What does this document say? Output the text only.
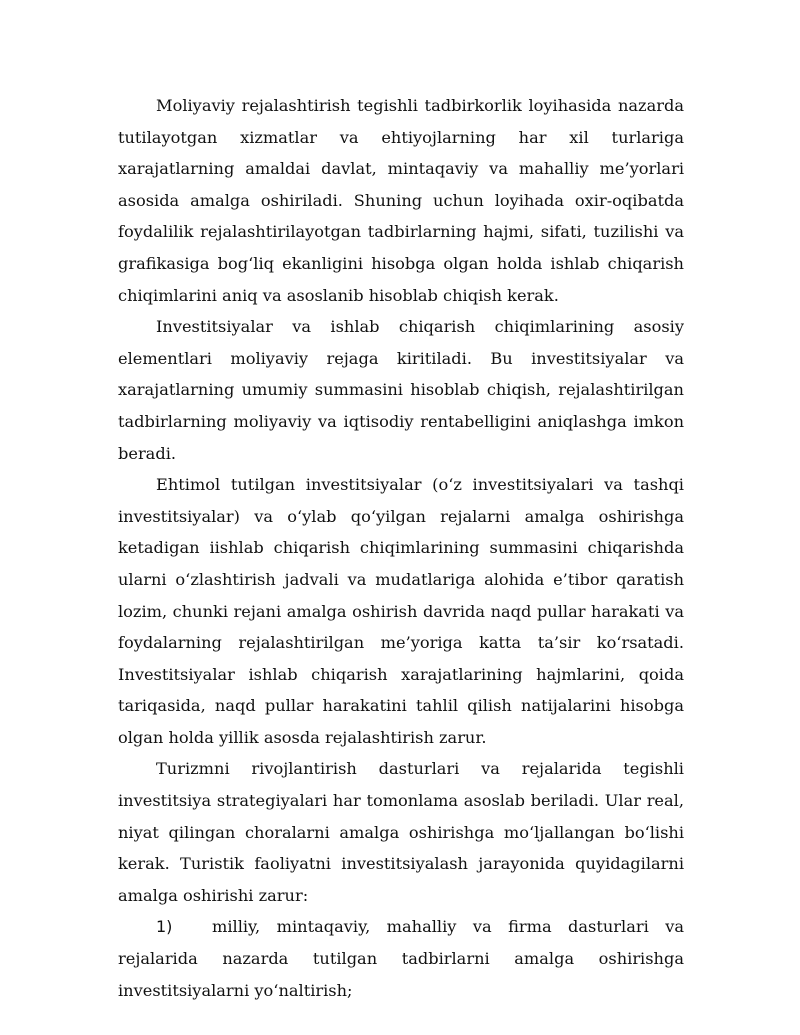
Moliyaviy rejalashtirish tegishli tadbirkorlik loyihasida nazarda tutilayotgan xizmatlar va ehtiyojlarning har xil turlariga xarajatlarning amaldai davlat, mintaqaviy va mahalliy me’yorlari asosida amalga oshiriladi. Shuning uchun loyihada oxir-oqibatda foydalilik rejalashtirilayotgan tadbirlarning hajmi, sifati, tuzilishi va grafikasiga bog‘liq ekanligini hisobga olgan holda ishlab chiqarish chiqimlarini aniq va asoslanib hisoblab chiqish kerak.

Investitsiyalar va ishlab chiqarish chiqimlarining asosiy elementlari moliyaviy rejaga kiritiladi. Bu investitsiyalar va xarajatlarning umumiy summasini hisoblab chiqish, rejalashtirilgan tadbirlarning moliyaviy va iqtisodiy rentabelligini aniqlashga imkon beradi.

Ehtimol tutilgan investitsiyalar (o‘z investitsiyalari va tashqi investitsiyalar) va o‘ylab qo‘yilgan rejalarni amalga oshirishga ketadigan iishlab chiqarish chiqimlarining summasini chiqarishda ularni o‘zlashtirish jadvali va mudatlariga alohida e’tibor qaratish lozim, chunki rejani amalga oshirish davrida naqd pullar harakati va foydalarning rejalashtirilgan me’yoriga katta ta’sir ko‘rsatadi. Investitsiyalar ishlab chiqarish xarajatlarining hajmlarini, qoida tariqasida, naqd pullar harakatini tahlil qilish natijalarini hisobga olgan holda yillik asosda rejalashtirish zarur.

Turizmni rivojlantirish dasturlari va rejalarida tegishli investitsiya strategiyalari har tomonlama asoslab beriladi. Ular real, niyat qilingan choralarni amalga oshirishga mo‘ljallangan bo‘lishi kerak. Turistik faoliyatni investitsiyalash jarayonida quyidagilarni amalga oshirishi zarur:

1) milliy, mintaqaviy, mahalliy va firma dasturlari va rejalarida nazarda tutilgan tadbirlarni amalga oshirishga investitsiyalarni yo‘naltirish;
